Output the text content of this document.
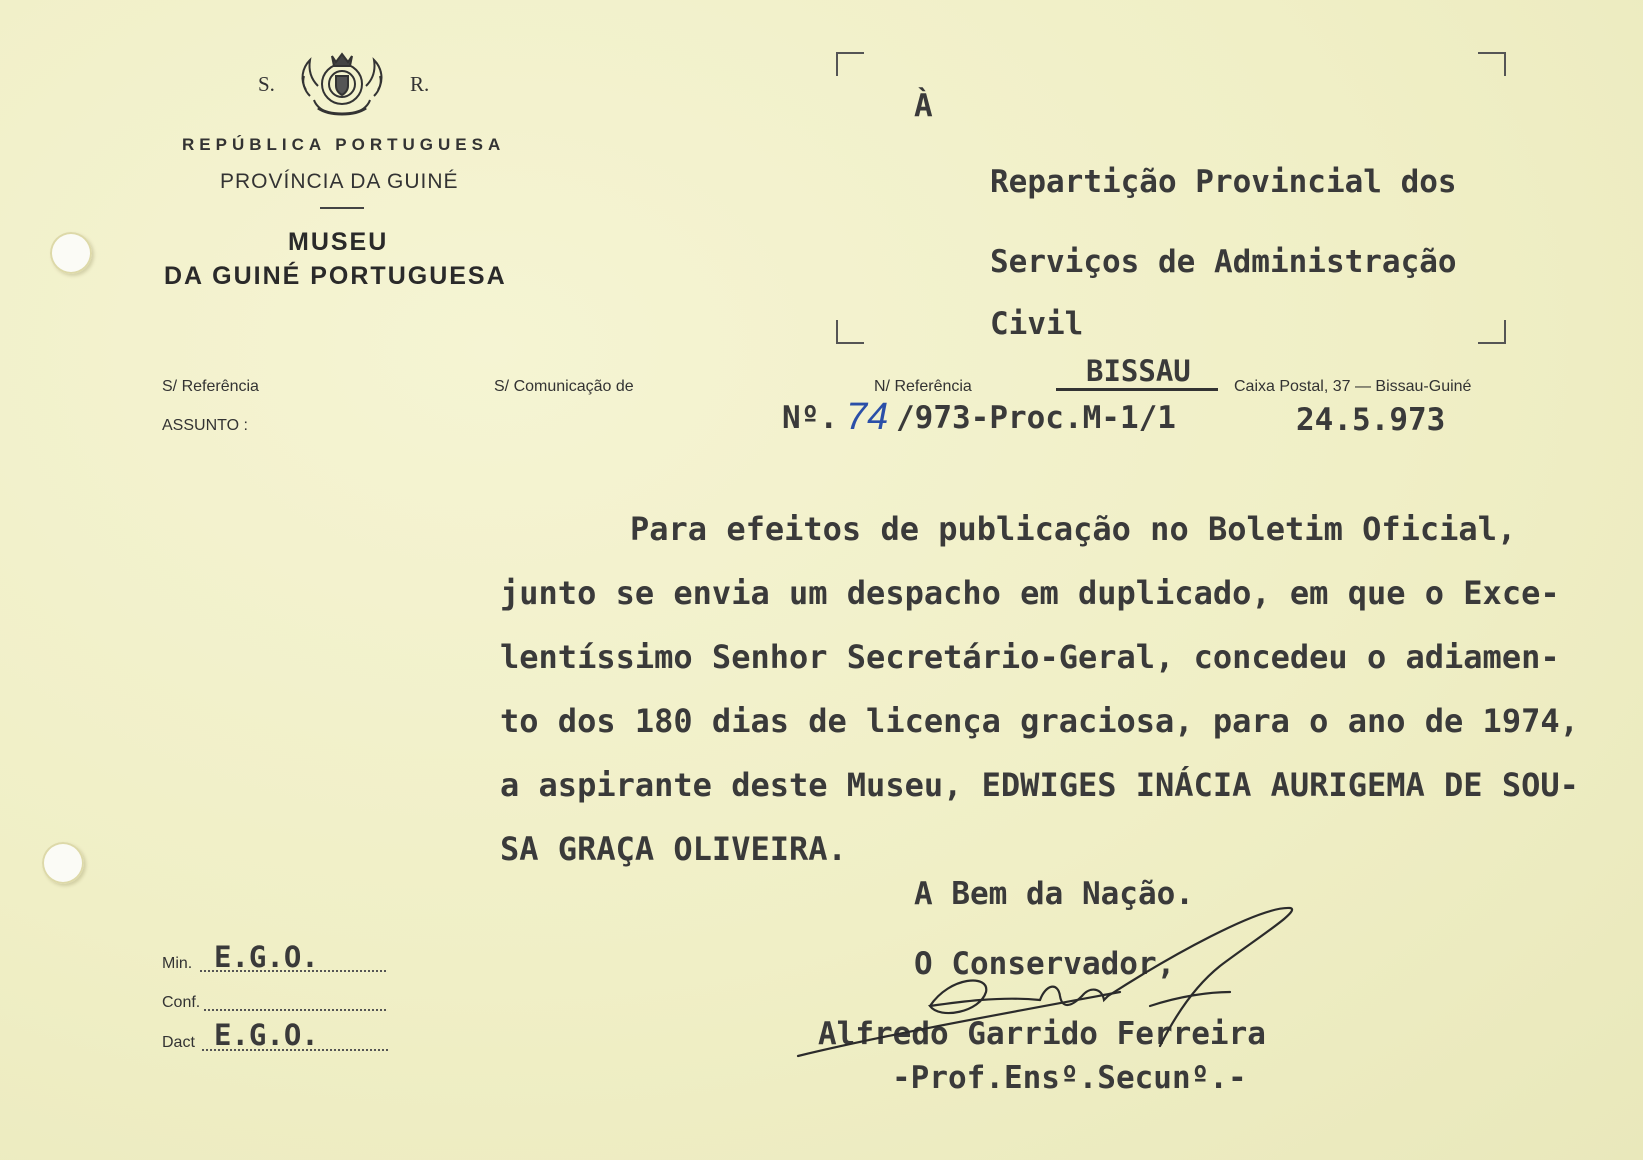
S.	R.
REPÚBLICA PORTUGUESA
PROVÍNCIA DA GUINÉ
MUSEU
DA GUINÉ PORTUGUESA
À
Repartição Provincial dos
Serviços de Administração
Civil
S/ Referência	S/ Comunicação de	N/ Referência	BISSAU	Caixa Postal, 37 — Bissau-Guiné
ASSUNTO :	Nº. 74 /973-Proc.M-1/1	24.5.973
Para efeitos de publicação no Boletim Oficial,
junto se envia um despacho em duplicado, em que o Exce-
lentíssimo Senhor Secretário-Geral, concedeu o adiamen-
to dos 180 dias de licença graciosa, para o ano de 1974,
a aspirante deste Museu, EDWIGES INÁCIA AURIGEMA DE SOU-
SA GRAÇA OLIVEIRA.
A Bem da Nação.
O Conservador,
Alfredo Garrido Ferreira
-Prof.Ensº.Secunº.-
Min. E.G.O.
Conf.
Dact E.G.O.
